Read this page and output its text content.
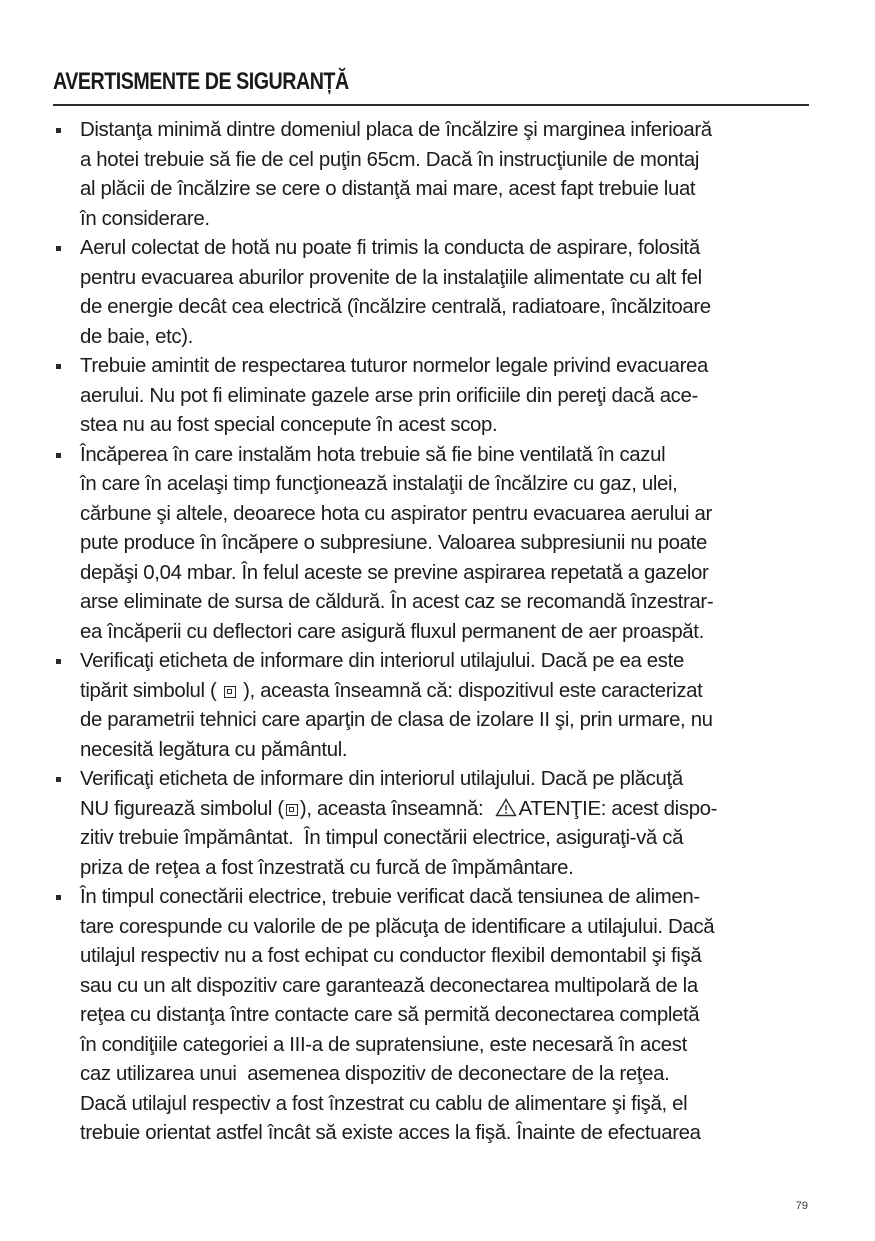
AVERTISMENTE DE SIGURANȚĂ
Distanţa minimă dintre domeniul placa de încălzire şi marginea inferioară
a hotei trebuie să fie de cel puţin 65cm. Dacă în instrucţiunile de montaj
al plăcii de încălzire se cere o distanţă mai mare, acest fapt trebuie luat
în considerare.
Aerul colectat de hotă nu poate fi trimis la conducta de aspirare, folosită
pentru evacuarea aburilor provenite de la instalaţiile alimentate cu alt fel
de energie decât cea electrică (încălzire centrală, radiatoare, încălzitoare
de baie, etc).
Trebuie amintit de respectarea tuturor normelor legale privind evacuarea
aerului. Nu pot fi eliminate gazele arse prin orificiile din pereţi dacă ace-
stea nu au fost special concepute în acest scop.
Încăperea în care instalăm hota trebuie să fie bine ventilată în cazul
în care în acelaşi timp funcţionează instalaţii de încălzire cu gaz, ulei,
cărbune şi altele, deoarece hota cu aspirator pentru evacuarea aerului ar
pute produce în încăpere o subpresiune. Valoarea subpresiunii nu poate
depăşi 0,04 mbar. În felul aceste se previne aspirarea repetată a gazelor
arse eliminate de sursa de căldură. În acest caz se recomandă înzestrar-
ea încăperii cu deflectori care asigură fluxul permanent de aer proaspăt.
Verificaţi eticheta de informare din interiorul utilajului. Dacă pe ea este
tipărit simbolul (  ), aceasta înseamnă că: dispozitivul este caracterizat
de parametrii tehnici care aparţin de clasa de izolare II şi, prin urmare, nu
necesită legătura cu pământul.
Verificaţi eticheta de informare din interiorul utilajului. Dacă pe plăcuţă
NU figurează simbolul ( ), aceasta înseamnă: ATENŢIE: acest dispo-
zitiv trebuie împământat.  În timpul conectării electrice, asiguraţi-vă că
priza de reţea a fost înzestrată cu furcă de împământare.
În timpul conectării electrice, trebuie verificat dacă tensiunea de alimen-
tare corespunde cu valorile de pe plăcuţa de identificare a utilajului. Dacă
utilajul respectiv nu a fost echipat cu conductor flexibil demontabil şi fişă
sau cu un alt dispozitiv care garantează deconectarea multipolară de la
reţea cu distanţa între contacte care să permită deconectarea completă
în condiţiile categoriei a III-a de supratensiune, este necesară în acest
caz utilizarea unui  asemenea dispozitiv de deconectare de la reţea.
Dacă utilajul respectiv a fost înzestrat cu cablu de alimentare şi fişă, el
trebuie orientat astfel încât să existe acces la fişă. Înainte de efectuarea
79
